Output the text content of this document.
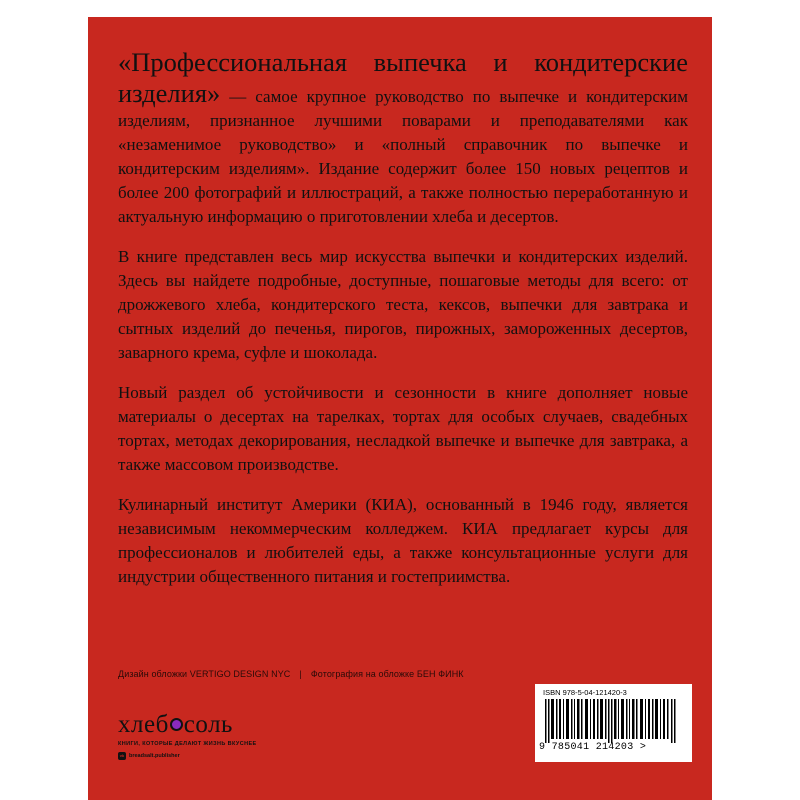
«Профессиональная выпечка и кондитерские изделия» — самое крупное руководство по выпечке и кондитерским изделиям, признанное лучшими поварами и преподавателями как «незаменимое руководство» и «полный справочник по выпечке и кондитерским изделиям». Издание содержит более 150 новых рецептов и более 200 фотографий и иллюстраций, а также полностью переработанную и актуальную информацию о приготовлении хлеба и десертов.

В книге представлен весь мир искусства выпечки и кондитерских изделий. Здесь вы найдете подробные, доступные, пошаговые методы для всего: от дрожжевого хлеба, кондитерского теста, кексов, выпечки для завтрака и сытных изделий до печенья, пирогов, пирожных, замороженных десертов, заварного крема, суфле и шоколада.

Новый раздел об устойчивости и сезонности в книге дополняет новые материалы о десертах на тарелках, тортах для особых случаев, свадебных тортах, методах декорирования, несладкой выпечке и выпечке для завтрака, а также массовом производстве.

Кулинарный институт Америки (КИА), основанный в 1946 году, является независимым некоммерческим колледжем. КИА предлагает курсы для профессионалов и любителей еды, а также консультационные услуги для индустрии общественного питания и гостеприимства.

Дизайн обложки VERTIGO DESIGN NYC | Фотография на обложке БЕН ФИНК
хлеб соль
КНИГИ, КОТОРЫЕ ДЕЛАЮТ ЖИЗНЬ ВКУСНЕЕ
vk breadsalt.publisher
ISBN 978-5-04-121420-3
9 785041 214203 >
